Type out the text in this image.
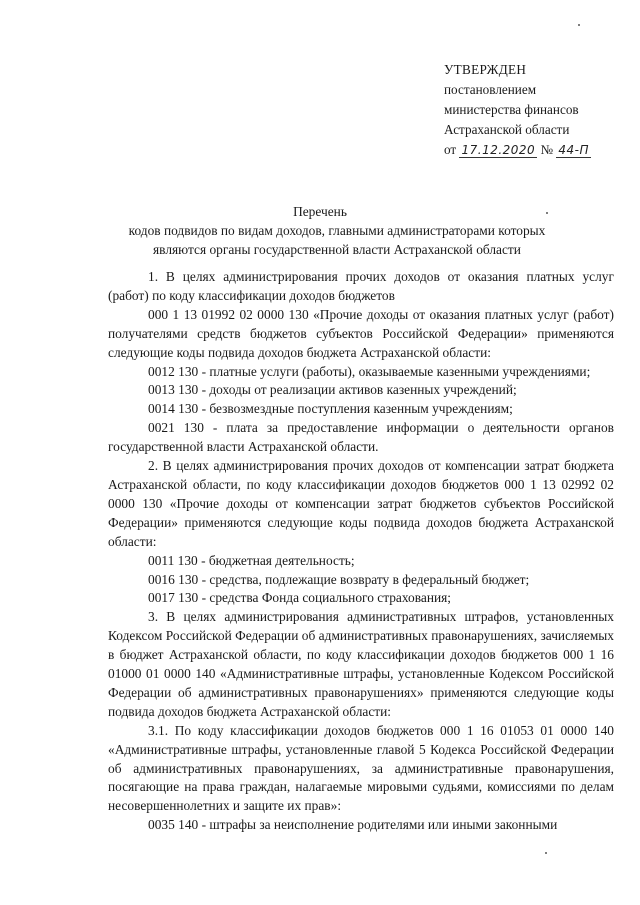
УТВЕРЖДЕН
постановлением
министерства финансов
Астраханской области
от 17.12.2020 № 44-П
Перечень
кодов подвидов по видам доходов, главными администраторами которых являются органы государственной власти Астраханской области

1. В целях администрирования прочих доходов от оказания платных услуг (работ) по коду классификации доходов бюджетов

000 1 13 01992 02 0000 130 «Прочие доходы от оказания платных услуг (работ) получателями средств бюджетов субъектов Российской Федерации» применяются следующие коды подвида доходов бюджета Астраханской области:

0012 130 - платные услуги (работы), оказываемые казенными учреждениями;

0013 130 - доходы от реализации активов казенных учреждений;

0014 130 - безвозмездные поступления казенным учреждениям;

0021 130 - плата за предоставление информации о деятельности органов государственной власти Астраханской области.

2. В целях администрирования прочих доходов от компенсации затрат бюджета Астраханской области, по коду классификации доходов бюджетов 000 1 13 02992 02 0000 130 «Прочие доходы от компенсации затрат бюджетов субъектов Российской Федерации» применяются следующие коды подвида доходов бюджета Астраханской области:

0011 130 - бюджетная деятельность;

0016 130 - средства, подлежащие возврату в федеральный бюджет;

0017 130 - средства Фонда социального страхования;

3. В целях администрирования административных штрафов, установленных Кодексом Российской Федерации об административных правонарушениях, зачисляемых в бюджет Астраханской области, по коду классификации доходов бюджетов 000 1 16 01000 01 0000 140 «Административные штрафы, установленные Кодексом Российской Федерации об административных правонарушениях» применяются следующие коды подвида доходов бюджета Астраханской области:

3.1. По коду классификации доходов бюджетов 000 1 16 01053 01 0000 140 «Административные штрафы, установленные главой 5 Кодекса Российской Федерации об административных правонарушениях, за административные правонарушения, посягающие на права граждан, налагаемые мировыми судьями, комиссиями по делам несовершеннолетних и защите их прав»:

0035 140 - штрафы за неисполнение родителями или иными законными
